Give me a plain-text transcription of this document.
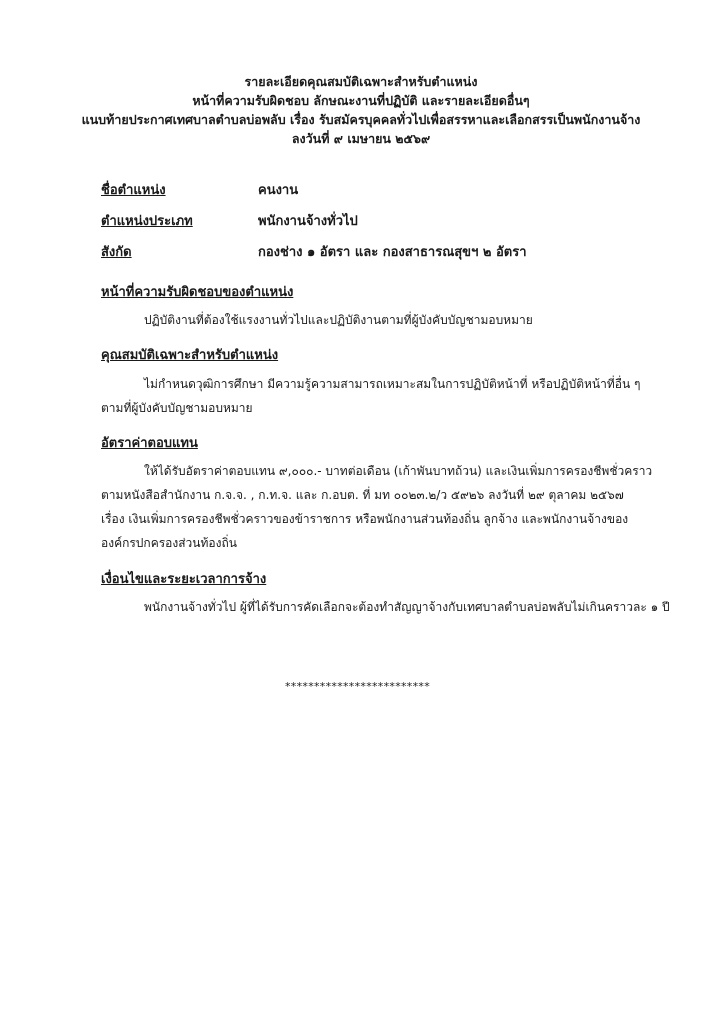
รายละเอียดคุณสมบัติเฉพาะสำหรับตำแหน่ง
หน้าที่ความรับผิดชอบ ลักษณะงานที่ปฏิบัติ และรายละเอียดอื่นๆ
แนบท้ายประกาศเทศบาลตำบลบ่อพลับ เรื่อง รับสมัครบุคคลทั่วไปเพื่อสรรหาและเลือกสรรเป็นพนักงานจ้าง
ลงวันที่ ๙ เมษายน ๒๕๖๙
ชื่อตำแหน่ง	คนงาน
ตำแหน่งประเภท	พนักงานจ้างทั่วไป
สังกัด	กองช่าง ๑ อัตรา และ กองสาธารณสุขฯ ๒ อัตรา
หน้าที่ความรับผิดชอบของตำแหน่ง
ปฏิบัติงานที่ต้องใช้แรงงานทั่วไปและปฏิบัติงานตามที่ผู้บังคับบัญชามอบหมาย
คุณสมบัติเฉพาะสำหรับตำแหน่ง
ไม่กำหนดวุฒิการศึกษา มีความรู้ความสามารถเหมาะสมในการปฏิบัติหน้าที่ หรือปฏิบัติหน้าที่อื่น ๆ
ตามที่ผู้บังคับบัญชามอบหมาย
อัตราค่าตอบแทน
ให้ได้รับอัตราค่าตอบแทน ๙,๐๐๐.- บาทต่อเดือน (เก้าพันบาทถ้วน) และเงินเพิ่มการครองชีพชั่วคราว
ตามหนังสือสำนักงาน ก.จ.จ. , ก.ท.จ. และ ก.อบต. ที่ มท ๐๐๒๓.๒/ว ๕๙๒๖ ลงวันที่ ๒๙ ตุลาคม ๒๕๖๗
เรื่อง เงินเพิ่มการครองชีพชั่วคราวของข้าราชการ หรือพนักงานส่วนท้องถิ่น ลูกจ้าง และพนักงานจ้างของ
องค์กรปกครองส่วนท้องถิ่น
เงื่อนไขและระยะเวลาการจ้าง
พนักงานจ้างทั่วไป ผู้ที่ได้รับการคัดเลือกจะต้องทำสัญญาจ้างกับเทศบาลตำบลบ่อพลับไม่เกินคราวละ ๑ ปี
*************************
